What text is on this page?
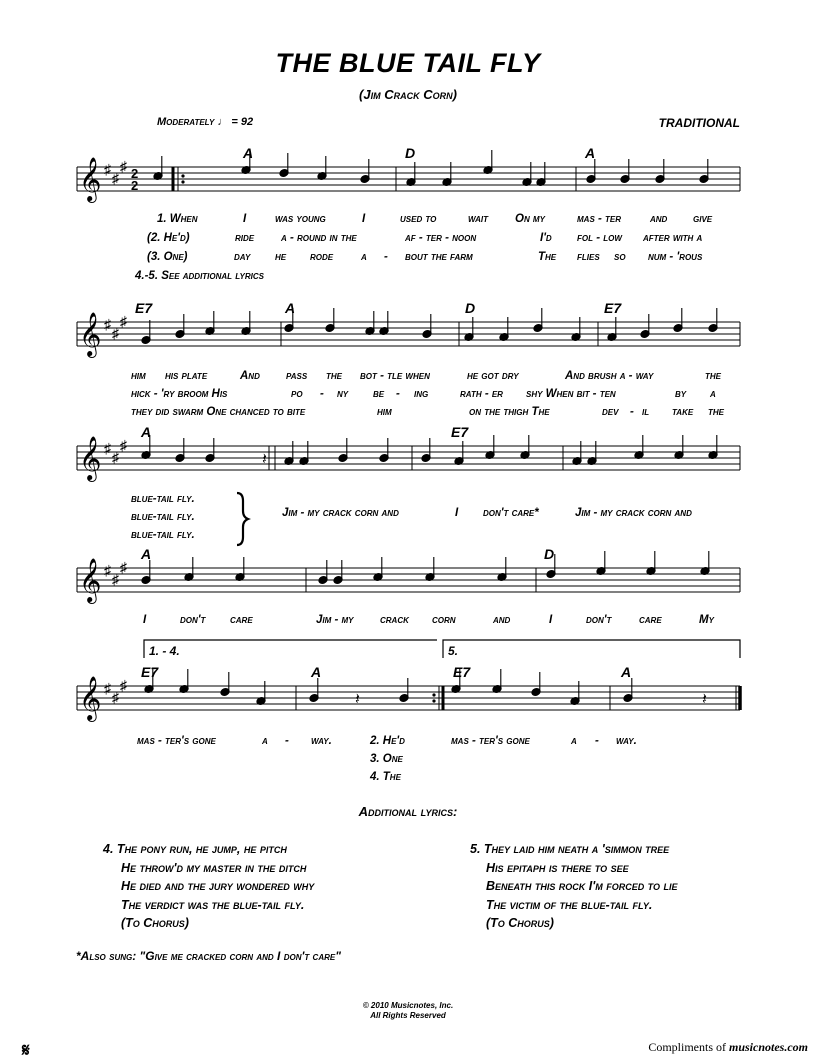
THE BLUE TAIL FLY
(Jim Crack Corn)
Moderately ♩ = 92	TRADITIONAL
𝄞 ♯
♯
♯ 2
2
𝄞 ♯
♯
♯
𝄞 ♯
♯
♯
𝄞 ♯
♯
♯
𝄞 ♯
♯
♯
𝄽
𝄽	𝄽
A	D	A
E7	A	D	E7
A	E7
A	D
E7	A	E7	A
1. - 4.	5.
1. When	I	was young	I	used to	wait On my	mas - ter	and give
(2. He'd)	ride a - round in the	af - ter - noon	I'd fol - low after with a
(3. One)	day he rode a - bout the farm	The flies so num - 'rous
4.-5. See additional lyrics
him his plate	And pass the bot - tle when	he got dry	And brush a - way	the
hick - 'ry broom His	po - ny be - ing	rath - er shy When bit - ten	by a
they did swarm One chanced to bite	him	on the thigh The	dev - il take the
blue-tail fly.
blue-tail fly.
blue-tail fly.
Jim - my crack corn and	I don't care*	Jim - my crack corn and
I	don't care	Jim - my crack corn	and	I	don't care	My
mas - ter's gone	a - way.	2. He'd	mas - ter's gone	a - way.
3. One
4. The
Additional lyrics:
4. The pony run, he jump, he pitch
He throw'd my master in the ditch
He died and the jury wondered why
The verdict was the blue-tail fly.
(To Chorus)
5. They laid him neath a 'simmon tree
His epitaph is there to see
Beneath this rock I'm forced to lie
The victim of the blue-tail fly.
(To Chorus)
*Also sung: "Give me cracked corn and I don't care"
© 2010 Musicnotes, Inc.
All Rights Reserved
𝄋	Compliments of musicnotes.com
